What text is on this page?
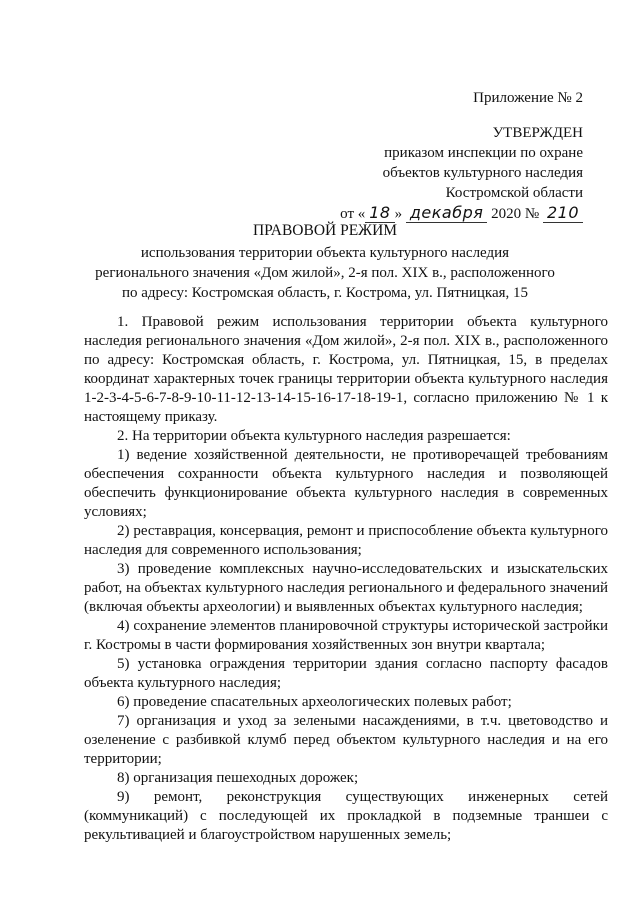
Приложение № 2
УТВЕРЖДЕН
приказом инспекции по охране
объектов культурного наследия
Костромской области
от « 18 » декабря 2020 № 210
ПРАВОВОЙ РЕЖИМ
использования территории объекта культурного наследия
регионального значения «Дом жилой», 2-я пол. XIX в., расположенного
по адресу: Костромская область, г. Кострома, ул. Пятницкая, 15

1. Правовой режим использования территории объекта культурного наследия регионального значения «Дом жилой», 2-я пол. XIX в., расположенного по адресу: Костромская область, г. Кострома, ул. Пятницкая, 15, в пределах координат характерных точек границы территории объекта культурного наследия 1-2-3-4-5-6-7-8-9-10-11-12-13-14-15-16-17-18-19-1, согласно приложению № 1 к настоящему приказу.

2. На территории объекта культурного наследия разрешается:

1) ведение хозяйственной деятельности, не противоречащей требованиям обеспечения сохранности объекта культурного наследия и позволяющей обеспечить функционирование объекта культурного наследия в современных условиях;

2) реставрация, консервация, ремонт и приспособление объекта культурного наследия для современного использования;

3) проведение комплексных научно-исследовательских и изыскательских работ, на объектах культурного наследия регионального и федерального значений (включая объекты археологии) и выявленных объектах культурного наследия;

4) сохранение элементов планировочной структуры исторической застройки г. Костромы в части формирования хозяйственных зон внутри квартала;

5) установка ограждения территории здания согласно паспорту фасадов объекта культурного наследия;

6) проведение спасательных археологических полевых работ;

7) организация и уход за зелеными насаждениями, в т.ч. цветоводство и озеленение с разбивкой клумб перед объектом культурного наследия и на его территории;

8) организация пешеходных дорожек;

9) ремонт, реконструкция существующих инженерных сетей (коммуникаций) с последующей их прокладкой в подземные траншеи с рекультивацией и благоустройством нарушенных земель;
